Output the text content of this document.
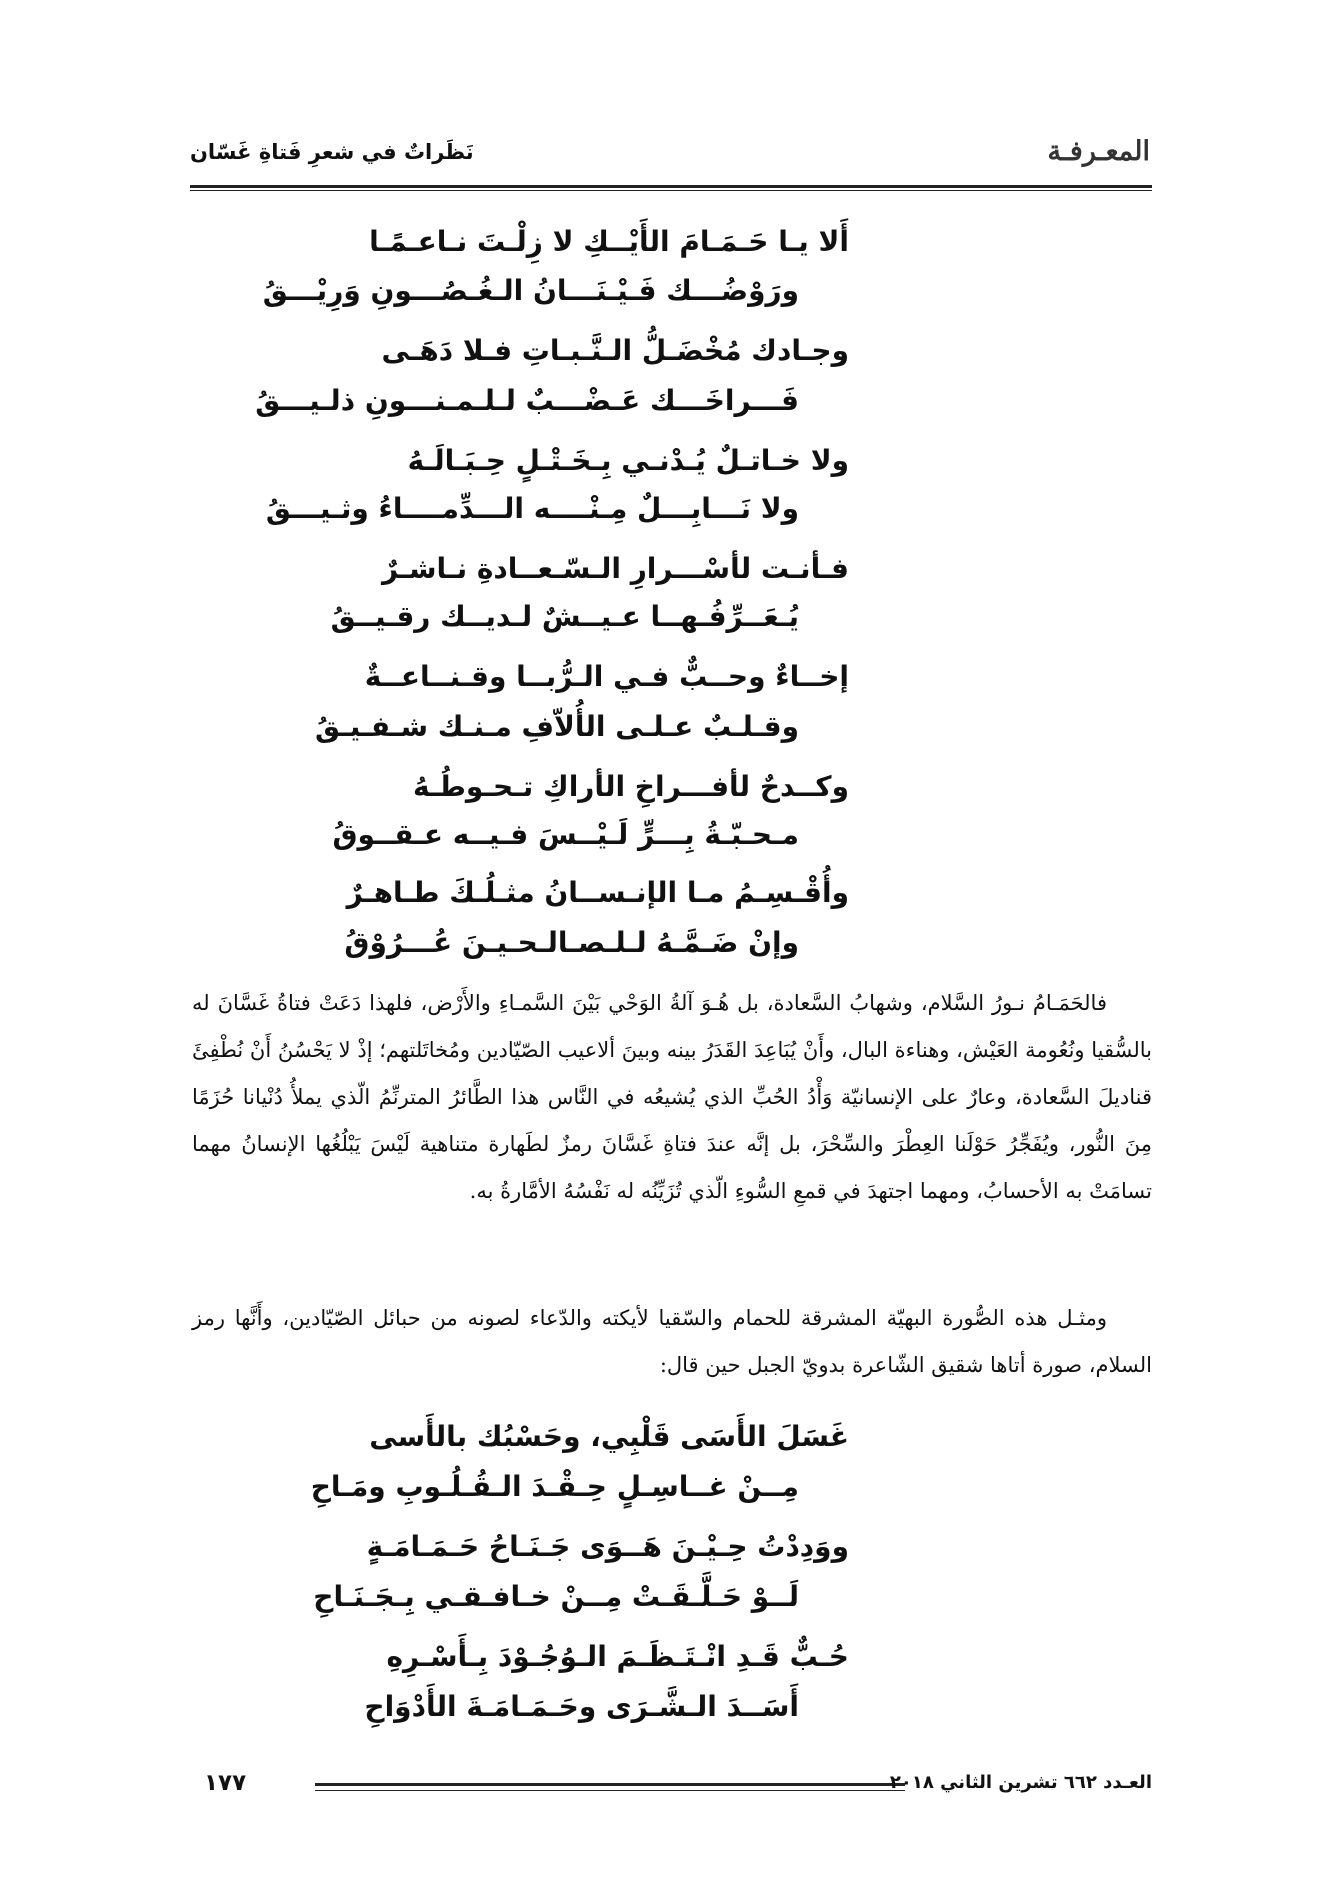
المعـرفـة
نَظَراتٌ في شعرِ فَتاةِ غَسّان
أَلا يـا حَـمَـامَ الأَيْــكِ لا زِلْـتَ نـاعـمًـا
ورَوْضُـــك فَـيْـنَـــانُ الـغُـصُـــونِ وَرِيْـــقُ
وجـادك مُخْضَـلُّ الـنَّـبـاتِ فـلا دَهَـى
فَـــراخَـــك عَـضْـــبٌ لـلـمـنـــونِ ذلـيـــقُ
ولا خـاتـلٌ يُـدْنـي بِـخَـتْـلٍ حِـبَـالَـهُ
ولا نَـــابِـــلٌ مِـنْــــه الـــدِّمــــاءُ وثـيـــقُ
فـأنـت لأسْـــرارِ الـسّـعــادةِ نـاشـرٌ
يُـعَــرِّفُـهــا عـيــشٌ لـديــك رقـيــقُ
إخــاءٌ وحــبٌّ فـي الـرُّبــا وقـنــاعــةٌ
وقـلـبٌ عـلـى الأُلاّفِ مـنـك شـفـيـقُ
وكــدحٌ لأفـــراخِ الأراكِ تـحـوطُـهُ
مـحـبّـةُ بِـــرٍّ لَـيْــسَ فـيــه عـقــوقُ
وأُقْـسِـمُ مـا الإنـســانُ مثـلُـكَ طـاهـرٌ
وإنْ ضَـمَّـهُ لـلـصـالـحـيـنَ عُـــرُوْقُ

فالحَمَـامُ نـورُ السَّلام، وشهابُ السَّعادة، بل هُـوَ آلةُ الوَحْي بَيْنَ السَّمـاءِ والأَرْض، فلهذا دَعَتْ فتاةُ غَسَّانَ له بالسُّقيا ونُعُومة العَيْش، وهناءة البال، وأَنْ يُبَاعِدَ القَدَرُ بينه وبينَ ألاعيب الصّيّادين ومُخاتَلتهم؛ إذْ لا يَحْسُنُ أَنْ نُطْفِئَ قناديلَ السَّعادة، وعارٌ على الإنسانيّة وَأْدُ الحُبِّ الذي يُشيعُه في النَّاس هذا الطَّائرُ المترنِّمُ الّذي يملأُ دُنْيانا حُزَمًا مِنَ النُّور، ويُفَجِّرُ حَوْلَنا العِطْرَ والسِّحْرَ، بل إنَّه عندَ فتاةِ غَسَّانَ رمزٌ لطَهارة متناهية لَيْسَ يَبْلُغُها الإنسانُ مهما تسامَتْ به الأحسابُ، ومهما اجتهدَ في قمعِ السُّوءِ الّذي تُزَيِّنُه له نَفْسُهُ الأمَّارةُ به.

ومثـل هذه الصُّورة البهيّة المشرقة للحمام والسّقيا لأيكته والدّعاء لصونه من حبائل الصّيّادين، وأَنَّها رمز السلام، صورة أتاها شقيق الشّاعرة بدويّ الجبل حين قال:

غَسَلَ الأَسَى قَلْبِي، وحَسْبُك بالأَسى
مِــنْ غــاسِـلٍ حِـقْـدَ الـقُـلُـوبِ ومَـاحِ
ووَدِدْتُ حِـيْـنَ هَــوَى جَـنَـاحُ حَـمَـامَـةٍ
لَــوْ حَـلَّـقَـتْ مِــنْ خـافـقـي بِـجَـنَـاحِ
حُـبٌّ قَـدِ انْـتَـظَـمَ الـوُجُـوْدَ بِـأَسْـرِهِ
أَسَــدَ الـشَّـرَى وحَـمَـامَـةَ الأَدْوَاحِ
١٧٧	العـدد ٦٦٢ تشرين الثاني ٢٠١٨
